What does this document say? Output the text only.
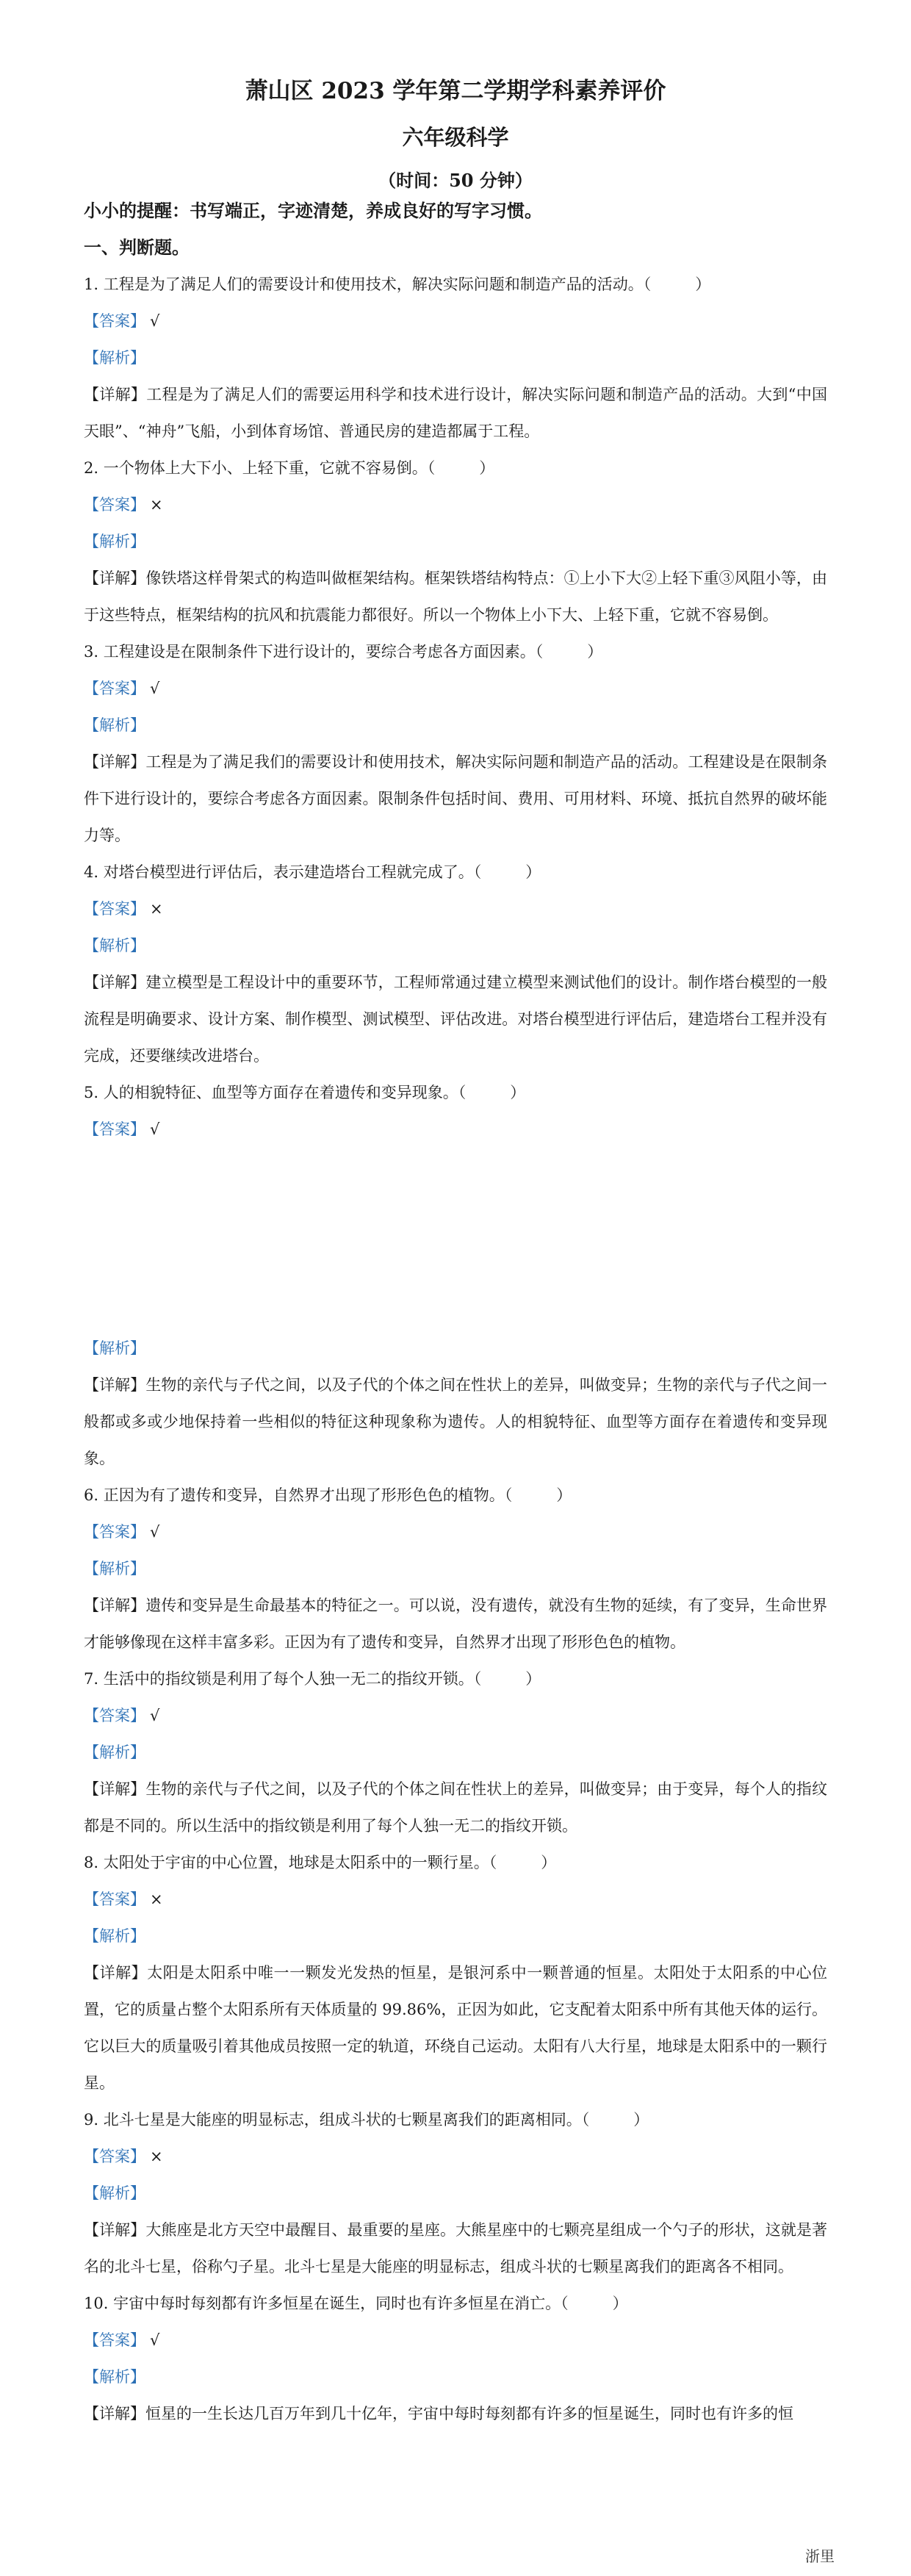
萧山区 2023 学年第二学期学科素养评价

六年级科学

（时间：50 分钟）

小小的提醒：书写端正，字迹清楚，养成良好的写字习惯。

一、判断题。

1. 工程是为了满足人们的需要设计和使用技术，解决实际问题和制造产品的活动。（	）

【答案】 √

【解析】

【详解】工程是为了满足人们的需要运用科学和技术进行设计，解决实际问题和制造产品的活动。大到“中国天眼”、“神舟”飞船，小到体育场馆、普通民房的建造都属于工程。

2. 一个物体上大下小、上轻下重，它就不容易倒。（	）

【答案】 ×

【解析】

【详解】像铁塔这样骨架式的构造叫做框架结构。框架铁塔结构特点：①上小下大②上轻下重③风阻小等，由于这些特点，框架结构的抗风和抗震能力都很好。所以一个物体上小下大、上轻下重，它就不容易倒。

3. 工程建设是在限制条件下进行设计的，要综合考虑各方面因素。（	）

【答案】 √

【解析】

【详解】工程是为了满足我们的需要设计和使用技术，解决实际问题和制造产品的活动。工程建设是在限制条件下进行设计的，要综合考虑各方面因素。限制条件包括时间、费用、可用材料、环境、抵抗自然界的破坏能力等。

4. 对塔台模型进行评估后，表示建造塔台工程就完成了。（	）

【答案】 ×

【解析】

【详解】建立模型是工程设计中的重要环节，工程师常通过建立模型来测试他们的设计。制作塔台模型的一般流程是明确要求、设计方案、制作模型、测试模型、评估改进。对塔台模型进行评估后，建造塔台工程并没有完成，还要继续改进塔台。

5. 人的相貌特征、血型等方面存在着遗传和变异现象。（	）

【答案】 √

【解析】

【详解】生物的亲代与子代之间，以及子代的个体之间在性状上的差异，叫做变异；生物的亲代与子代之间一般都或多或少地保持着一些相似的特征这种现象称为遗传。人的相貌特征、血型等方面存在着遗传和变异现象。

6. 正因为有了遗传和变异，自然界才出现了形形色色的植物。（	）

【答案】 √

【解析】

【详解】遗传和变异是生命最基本的特征之一。可以说，没有遗传，就没有生物的延续，有了变异，生命世界才能够像现在这样丰富多彩。正因为有了遗传和变异，自然界才出现了形形色色的植物。

7. 生活中的指纹锁是利用了每个人独一无二的指纹开锁。（	）

【答案】 √

【解析】

【详解】生物的亲代与子代之间，以及子代的个体之间在性状上的差异，叫做变异；由于变异，每个人的指纹都是不同的。所以生活中的指纹锁是利用了每个人独一无二的指纹开锁。

8. 太阳处于宇宙的中心位置，地球是太阳系中的一颗行星。（	）

【答案】 ×

【解析】

【详解】太阳是太阳系中唯一一颗发光发热的恒星，是银河系中一颗普通的恒星。太阳处于太阳系的中心位置，它的质量占整个太阳系所有天体质量的 99.86%，正因为如此，它支配着太阳系中所有其他天体的运行。它以巨大的质量吸引着其他成员按照一定的轨道，环绕自己运动。太阳有八大行星，地球是太阳系中的一颗行星。

9. 北斗七星是大能座的明显标志，组成斗状的七颗星离我们的距离相同。（	）

【答案】 ×

【解析】

【详解】大熊座是北方天空中最醒目、最重要的星座。大熊星座中的七颗亮星组成一个勺子的形状，这就是著名的北斗七星，俗称勺子星。北斗七星是大能座的明显标志，组成斗状的七颗星离我们的距离各不相同。

10. 宇宙中每时每刻都有许多恒星在诞生，同时也有许多恒星在消亡。（	）

【答案】 √

【解析】

【详解】恒星的一生长达几百万年到几十亿年，宇宙中每时每刻都有许多的恒星诞生，同时也有许多的恒

浙里
